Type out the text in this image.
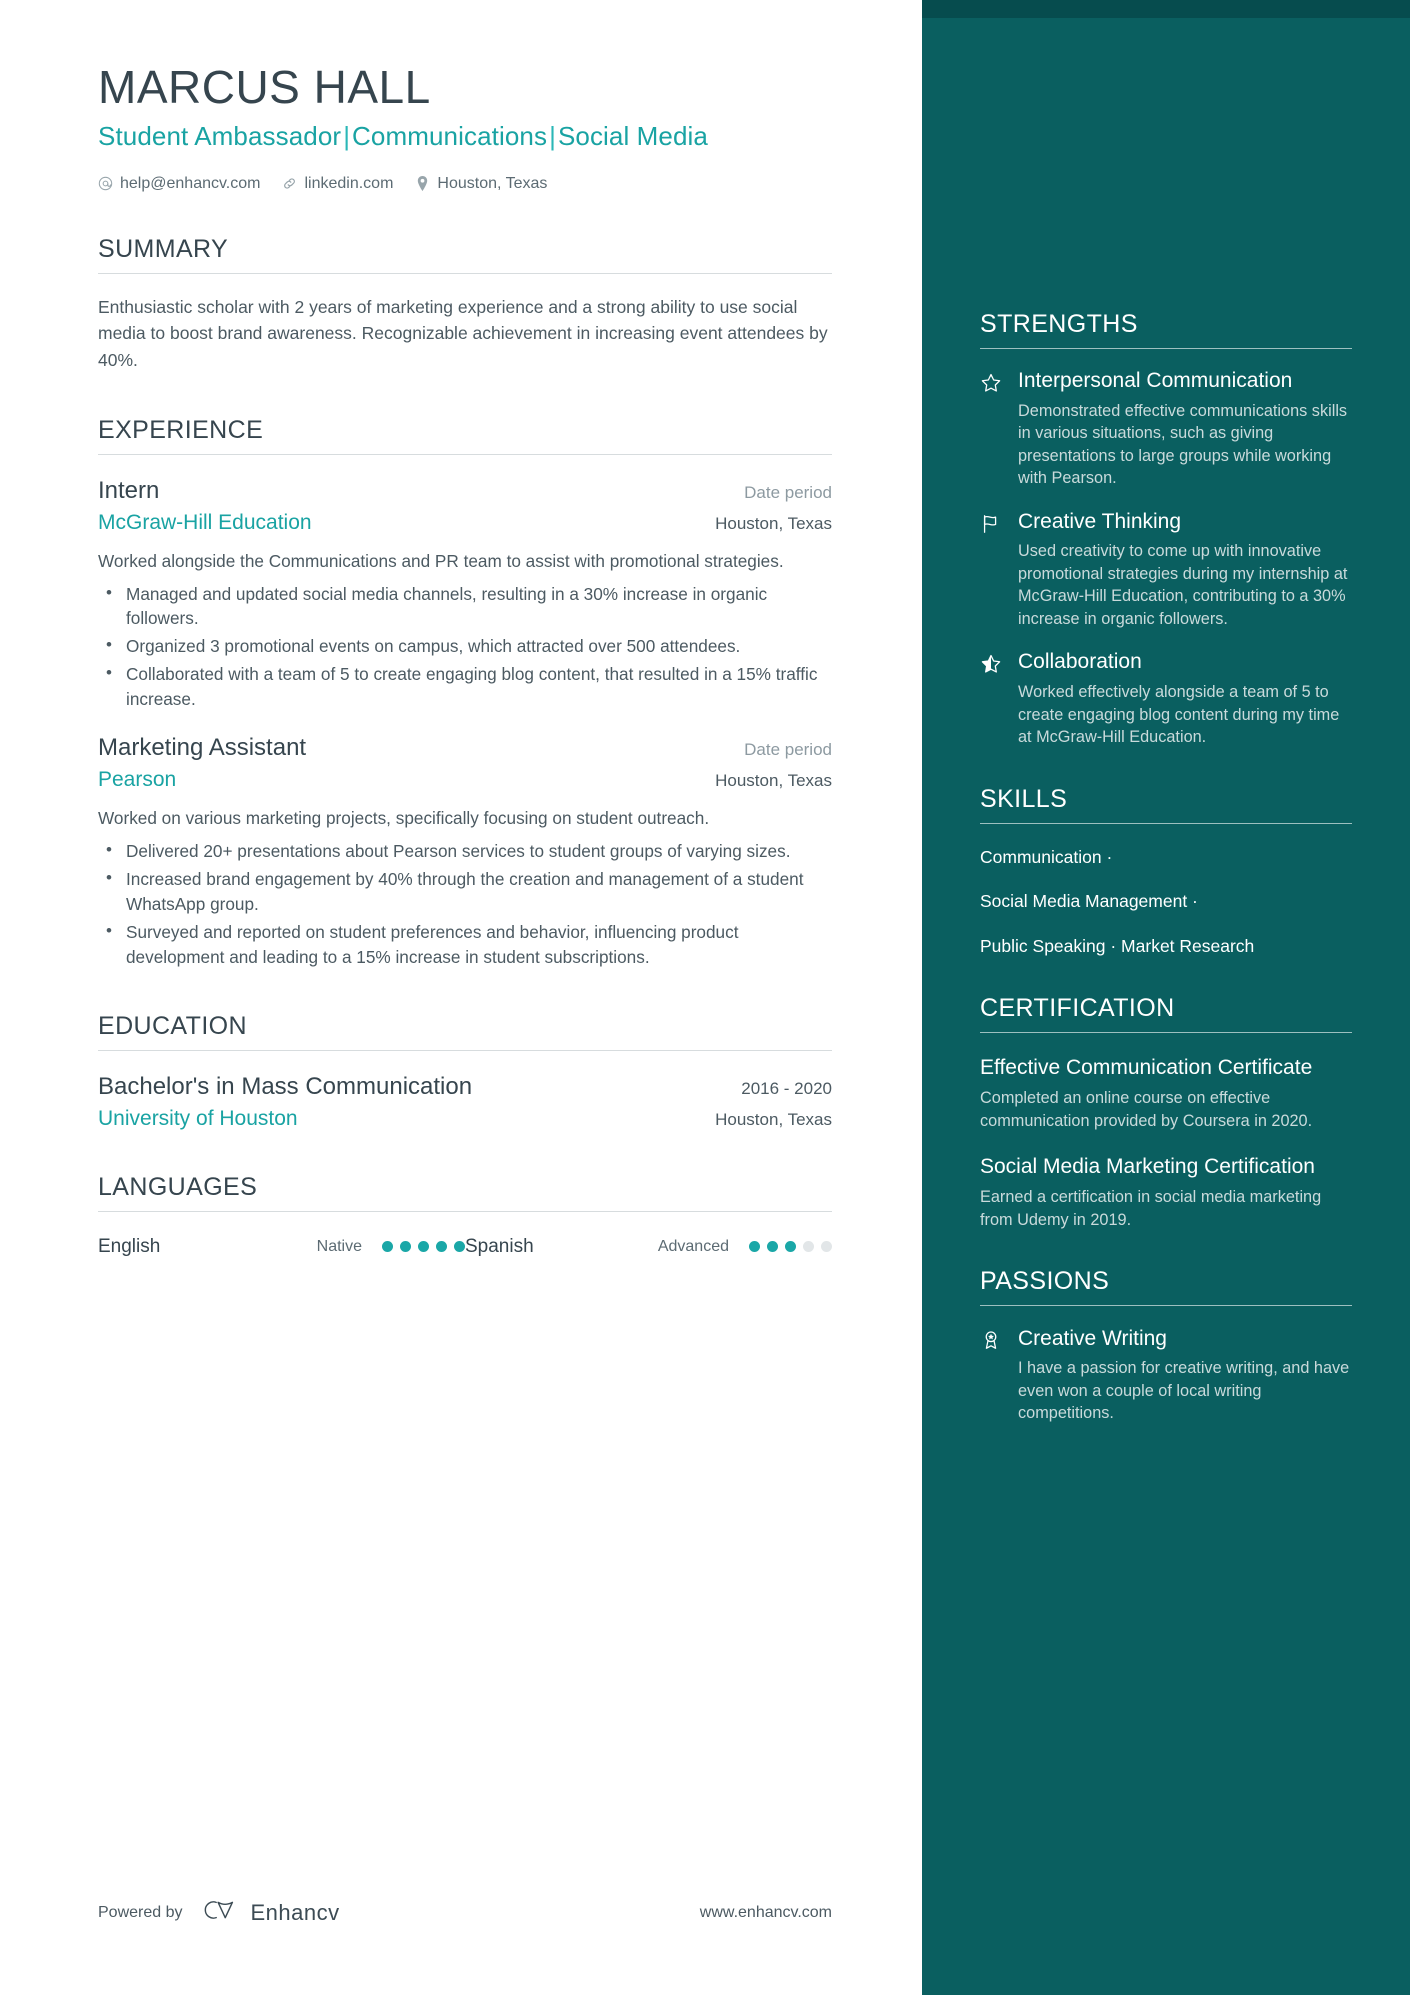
MARCUS HALL
Student Ambassador|Communications|Social Media
help@enhancv.com	linkedin.com	Houston, Texas
SUMMARY
Enthusiastic scholar with 2 years of marketing experience and a strong ability to use social media to boost brand awareness. Recognizable achievement in increasing event attendees by 40%.
EXPERIENCE
Intern	Date period
McGraw-Hill Education	Houston, Texas
Worked alongside the Communications and PR team to assist with promotional strategies.
• Managed and updated social media channels, resulting in a 30% increase in organic followers.
• Organized 3 promotional events on campus, which attracted over 500 attendees.
• Collaborated with a team of 5 to create engaging blog content, that resulted in a 15% traffic increase.
Marketing Assistant	Date period
Pearson	Houston, Texas
Worked on various marketing projects, specifically focusing on student outreach.
• Delivered 20+ presentations about Pearson services to student groups of varying sizes.
• Increased brand engagement by 40% through the creation and management of a student WhatsApp group.
• Surveyed and reported on student preferences and behavior, influencing product development and leading to a 15% increase in student subscriptions.
EDUCATION
Bachelor's in Mass Communication	2016 - 2020
University of Houston	Houston, Texas
LANGUAGES
English	Native	Spanish	Advanced
Powered by	Enhancv	www.enhancv.com
STRENGTHS
Interpersonal Communication
Demonstrated effective communications skills in various situations, such as giving presentations to large groups while working with Pearson.
Creative Thinking
Used creativity to come up with innovative promotional strategies during my internship at McGraw-Hill Education, contributing to a 30% increase in organic followers.
Collaboration
Worked effectively alongside a team of 5 to create engaging blog content during my time at McGraw-Hill Education.
SKILLS
Communication ·
Social Media Management ·
Public Speaking · Market Research
CERTIFICATION
Effective Communication Certificate
Completed an online course on effective communication provided by Coursera in 2020.
Social Media Marketing Certification
Earned a certification in social media marketing from Udemy in 2019.
PASSIONS
Creative Writing
I have a passion for creative writing, and have even won a couple of local writing competitions.
